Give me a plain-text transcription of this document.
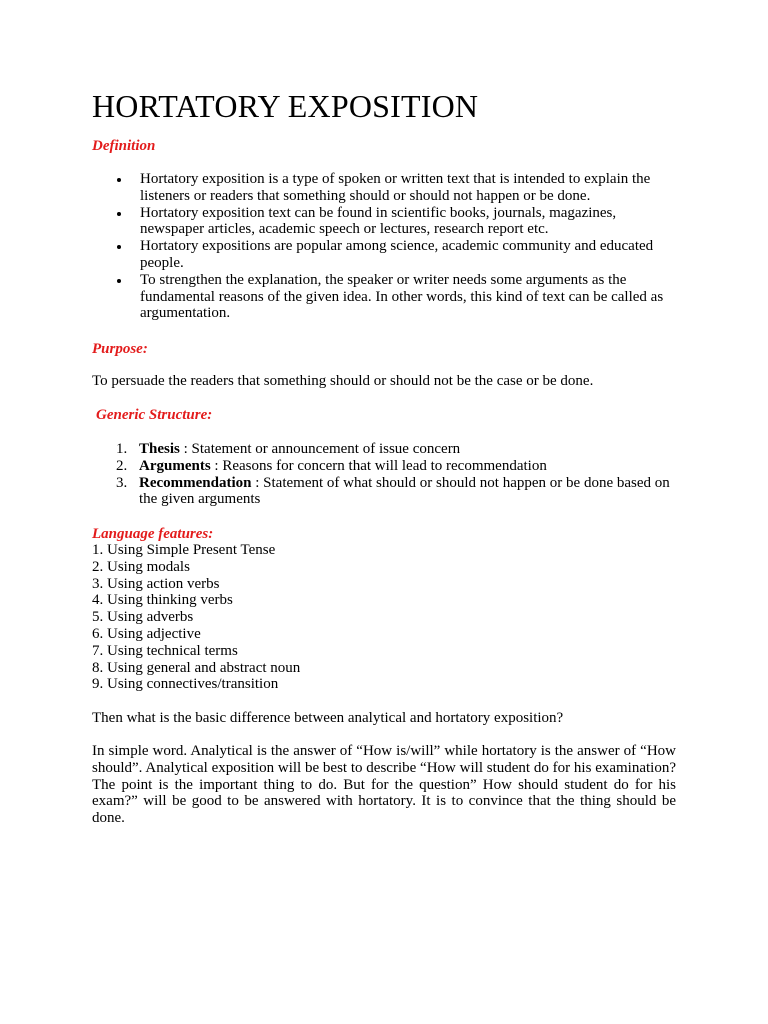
HORTATORY EXPOSITION
Definition
Hortatory exposition is a type of spoken or written text that is intended to explain the listeners or readers that something should or should not happen or be done.
Hortatory exposition text can be found in scientific books, journals, magazines, newspaper articles, academic speech or lectures, research report etc.
Hortatory expositions are popular among science, academic community and educated people.
To strengthen the explanation, the speaker or writer needs some arguments as the fundamental reasons of the given idea. In other words, this kind of text can be called as argumentation.
Purpose:

To persuade the readers that something should or should not be the case or be done.

Generic Structure:
1. Thesis : Statement or announcement of issue concern
2. Arguments : Reasons for concern that will lead to recommendation
3. Recommendation : Statement of what should or should not happen or be done based on the given arguments
Language features:
1. Using Simple Present Tense
2. Using modals
3. Using action verbs
4. Using thinking verbs
5. Using adverbs
6. Using adjective
7. Using technical terms
8. Using general and abstract noun
9. Using connectives/transition

Then what is the basic difference between analytical and hortatory exposition?

In simple word. Analytical is the answer of “How is/will” while hortatory is the answer of “How should”. Analytical exposition will be best to describe “How will student do for his examination? The point is the important thing to do. But for the question” How should student do for his exam?” will be good to be answered with hortatory. It is to convince that the thing should be done.
